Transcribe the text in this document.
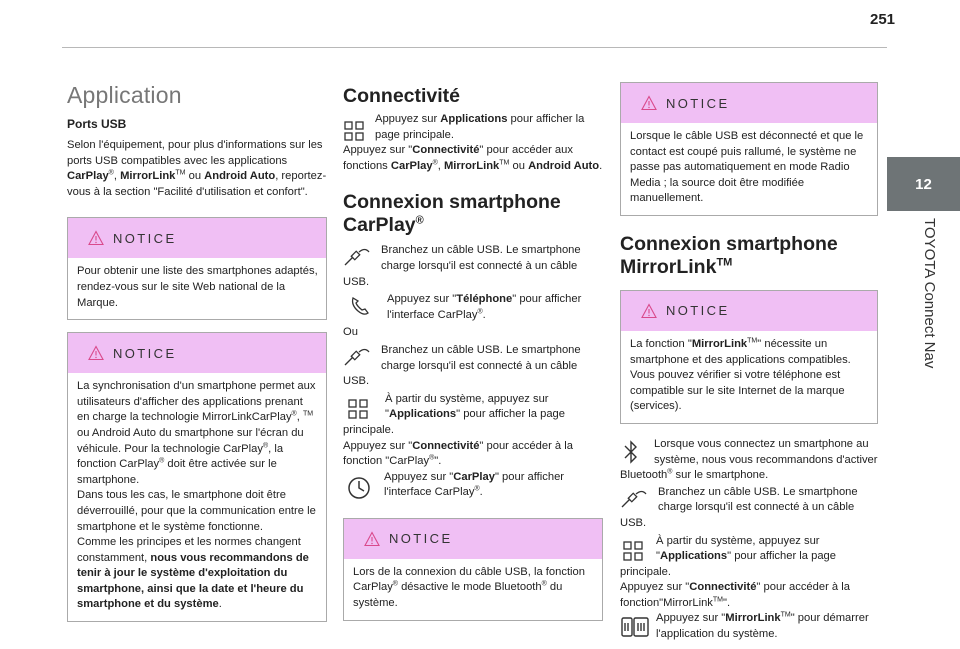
251
12
TOYOTA Connect Nav
Application
Ports USB

Selon l'équipement, pour plus d'informations sur les ports USB compatibles avec les applications CarPlay®, MirrorLink™ ou Android Auto, reportez-vous à la section "Facilité d'utilisation et confort".

NOTICE

Pour obtenir une liste des smartphones adaptés, rendez-vous sur le site Web national de la Marque.

NOTICE

La synchronisation d'un smartphone permet aux utilisateurs d'afficher des applications prenant en charge la technologie MirrorLinkCarPlay®, ™ ou Android Auto du smartphone sur l'écran du véhicule. Pour la technologie CarPlay®, la fonction CarPlay® doit être activée sur le smartphone.

Dans tous les cas, le smartphone doit être déverrouillé, pour que la communication entre le smartphone et le système fonctionne.

Comme les principes et les normes changent constamment, nous vous recommandons de tenir à jour le système d'exploitation du smartphone, ainsi que la date et l'heure du smartphone et du système.

Connectivité

Appuyez sur Applications pour afficher la page principale.
Appuyez sur "Connectivité" pour accéder aux fonctions CarPlay®, MirrorLink™ ou Android Auto.

Connexion smartphone CarPlay®

Branchez un câble USB. Le smartphone charge lorsqu'il est connecté à un câble USB.

Appuyez sur "Téléphone" pour afficher l'interface CarPlay®.

Ou

Branchez un câble USB. Le smartphone charge lorsqu'il est connecté à un câble USB.

À partir du système, appuyez sur "Applications" pour afficher la page principale.
Appuyez sur "Connectivité" pour accéder à la fonction "CarPlay®".

Appuyez sur "CarPlay" pour afficher l'interface CarPlay®.

NOTICE

Lors de la connexion du câble USB, la fonction CarPlay® désactive le mode Bluetooth® du système.

NOTICE

Lorsque le câble USB est déconnecté et que le contact est coupé puis rallumé, le système ne passe pas automatiquement en mode Radio Media ; la source doit être modifiée manuellement.

Connexion smartphone MirrorLink™
NOTICE

La fonction "MirrorLink™" nécessite un smartphone et des applications compatibles.

Vous pouvez vérifier si votre téléphone est compatible sur le site Internet de la marque (services).

Lorsque vous connectez un smartphone au système, nous vous recommandons d'activer Bluetooth® sur le smartphone.

Branchez un câble USB. Le smartphone charge lorsqu'il est connecté à un câble USB.

À partir du système, appuyez sur "Applications" pour afficher la page principale.
Appuyez sur "Connectivité" pour accéder à la fonction"MirrorLink™".

Appuyez sur "MirrorLink™" pour démarrer l'application du système.
